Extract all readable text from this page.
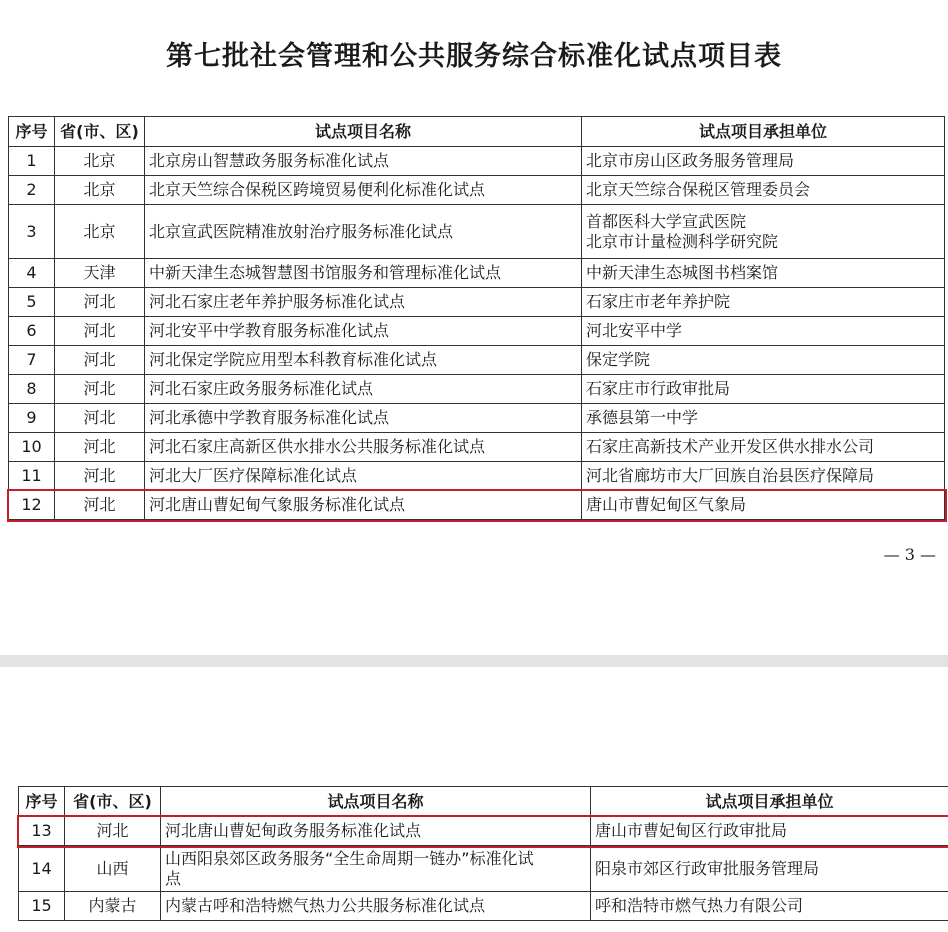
第七批社会管理和公共服务综合标准化试点项目表
序号	省(市、区)	试点项目名称	试点项目承担单位
1	北京	北京房山智慧政务服务标准化试点	北京市房山区政务服务管理局
2	北京	北京天竺综合保税区跨境贸易便利化标准化试点	北京天竺综合保税区管理委员会
3	北京	北京宣武医院精准放射治疗服务标准化试点	首都医科大学宣武医院
北京市计量检测科学研究院
4	天津	中新天津生态城智慧图书馆服务和管理标准化试点	中新天津生态城图书档案馆
5	河北	河北石家庄老年养护服务标准化试点	石家庄市老年养护院
6	河北	河北安平中学教育服务标准化试点	河北安平中学
7	河北	河北保定学院应用型本科教育标准化试点	保定学院
8	河北	河北石家庄政务服务标准化试点	石家庄市行政审批局
9	河北	河北承德中学教育服务标准化试点	承德县第一中学
10	河北	河北石家庄高新区供水排水公共服务标准化试点	石家庄高新技术产业开发区供水排水公司
11	河北	河北大厂医疗保障标准化试点	河北省廊坊市大厂回族自治县医疗保障局
12	河北	河北唐山曹妃甸气象服务标准化试点	唐山市曹妃甸区气象局
— 3 —
序号	省(市、区)	试点项目名称	试点项目承担单位
13	河北	河北唐山曹妃甸政务服务标准化试点	唐山市曹妃甸区行政审批局
14	山西	山西阳泉郊区政务服务“全生命周期一链办”标准化试
点	阳泉市郊区行政审批服务管理局
15	内蒙古	内蒙古呼和浩特燃气热力公共服务标准化试点	呼和浩特市燃气热力有限公司
